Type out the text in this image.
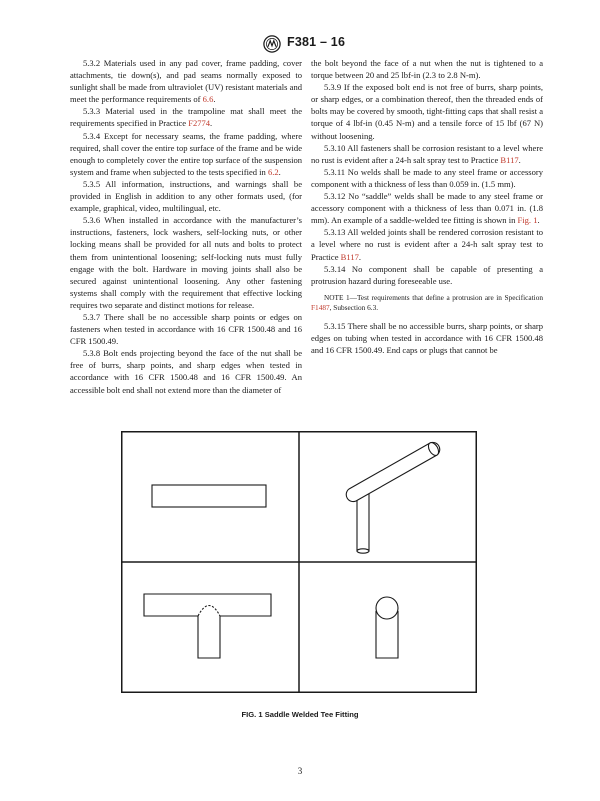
F381 – 16

5.3.2 Materials used in any pad cover, frame padding, cover attachments, tie down(s), and pad seams normally exposed to sunlight shall be made from ultraviolet (UV) resistant materials and meet the performance requirements of 6.6.

5.3.3 Material used in the trampoline mat shall meet the requirements specified in Practice F2774.

5.3.4 Except for necessary seams, the frame padding, where required, shall cover the entire top surface of the frame and be wide enough to completely cover the entire top surface of the suspension system and frame when subjected to the tests specified in 6.2.

5.3.5 All information, instructions, and warnings shall be provided in English in addition to any other formats used, (for example, graphical, video, multilingual, etc.

5.3.6 When installed in accordance with the manufacturer’s instructions, fasteners, lock washers, self-locking nuts, or other locking means shall be provided for all nuts and bolts to protect them from unintentional loosening; self-locking nuts must fully engage with the bolt. Hardware in moving joints shall also be secured against unintentional loosening. Any other fastening systems shall comply with the requirement that effective locking requires two separate and distinct motions for release.

5.3.7 There shall be no accessible sharp points or edges on fasteners when tested in accordance with 16 CFR 1500.48 and 16 CFR 1500.49.

5.3.8 Bolt ends projecting beyond the face of the nut shall be free of burrs, sharp points, and sharp edges when tested in accordance with 16 CFR 1500.48 and 16 CFR 1500.49. An accessible bolt end shall not extend more than the diameter of

the bolt beyond the face of a nut when the nut is tightened to a torque between 20 and 25 lbf-in (2.3 to 2.8 N-m).

5.3.9 If the exposed bolt end is not free of burrs, sharp points, or sharp edges, or a combination thereof, then the threaded ends of bolts may be covered by smooth, tight-fitting caps that shall resist a torque of 4 lbf-in (0.45 N-m) and a tensile force of 15 lbf (67 N) without loosening.

5.3.10 All fasteners shall be corrosion resistant to a level where no rust is evident after a 24-h salt spray test to Practice B117.

5.3.11 No welds shall be made to any steel frame or accessory component with a thickness of less than 0.059 in. (1.5 mm).

5.3.12 No “saddle” welds shall be made to any steel frame or accessory component with a thickness of less than 0.071 in. (1.8 mm). An example of a saddle-welded tee fitting is shown in Fig. 1.

5.3.13 All welded joints shall be rendered corrosion resistant to a level where no rust is evident after a 24-h salt spray test to Practice B117.

5.3.14 No component shall be capable of presenting a protrusion hazard during foreseeable use.

NOTE 1—Test requirements that define a protrusion are in Specification F1487, Subsection 6.3.

5.3.15 There shall be no accessible burrs, sharp points, or sharp edges on tubing when tested in accordance with 16 CFR 1500.48 and 16 CFR 1500.49. End caps or plugs that cannot be

FIG. 1 Saddle Welded Tee Fitting
3
